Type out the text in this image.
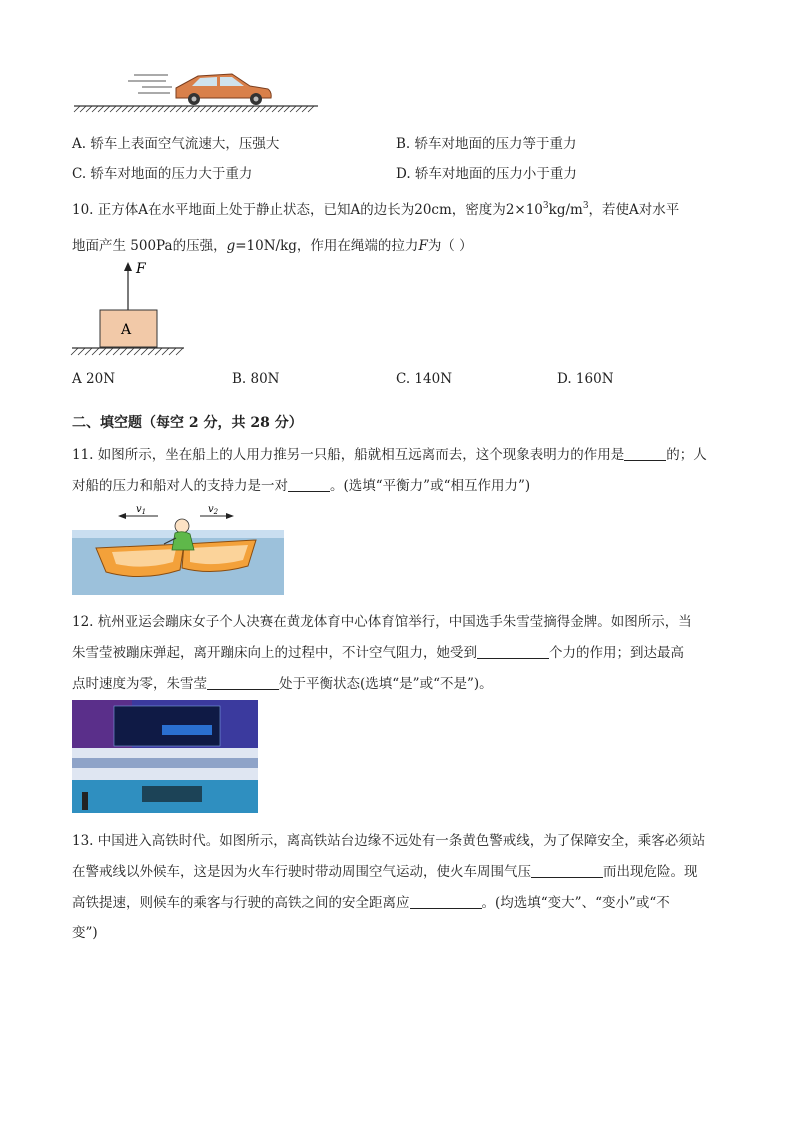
A. 轿车上表面空气流速大，压强大	B. 轿车对地面的压力等于重力
C. 轿车对地面的压力大于重力	D. 轿车对地面的压力小于重力
10. 正方体A在水平地面上处于静止状态，已知A的边长为20cm，密度为$2\times 10^3kg/m^3$，若使A对水平
地面产生 500Pa的压强，g=10N/kg，作用在绳端的拉力F为（ ）
F
A
A 20N	B. 80N	C. 140N	D. 160N
二、填空题（每空 2 分，共 28 分）
11. 如图所示，坐在船上的人用力推另一只船，船就相互远离而去，这个现象表明力的作用是	的；人
对船的压力和船对人的支持力是一对	。(选填“平衡力”或“相互作用力”)
$v_1$	$v_2$
12. 杭州亚运会蹦床女子个人决赛在黄龙体育中心体育馆举行，中国选手朱雪莹摘得金牌。如图所示，当
朱雪莹被蹦床弹起，离开蹦床向上的过程中，不计空气阻力，她受到	个力的作用；到达最高
点时速度为零，朱雪莹	处于平衡状态(选填“是”或“不是”)。
13. 中国进入高铁时代。如图所示，离高铁站台边缘不远处有一条黄色警戒线，为了保障安全，乘客必须站
在警戒线以外候车，这是因为火车行驶时带动周围空气运动，使火车周围气压	而出现危险。现
高铁提速，则候车的乘客与行驶的高铁之间的安全距离应	。(均选填“变大”、“变小”或“不
变”)
